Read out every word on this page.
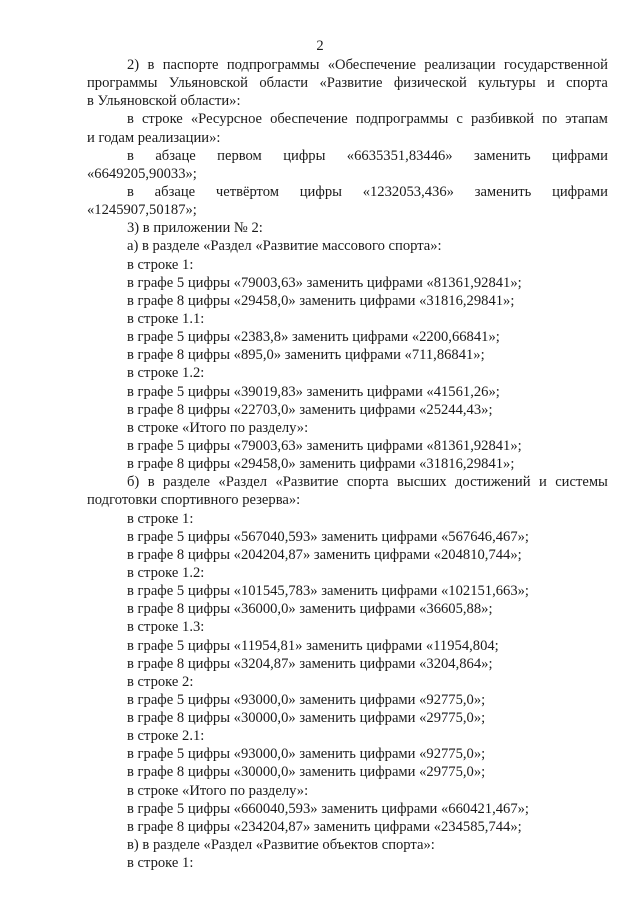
2
2) в паспорте подпрограммы «Обеспечение реализации государственной
программы Ульяновской области «Развитие физической культуры и спорта
в Ульяновской области»:
в строке «Ресурсное обеспечение подпрограммы с разбивкой по этапам
и годам реализации»:
в абзаце первом цифры «6635351,83446» заменить цифрами
«6649205,90033»;
в абзаце четвёртом цифры «1232053,436» заменить цифрами
«1245907,50187»;
3) в приложении № 2:
а) в разделе «Раздел «Развитие массового спорта»:
в строке 1:
в графе 5 цифры «79003,63» заменить цифрами «81361,92841»;
в графе 8 цифры «29458,0» заменить цифрами «31816,29841»;
в строке 1.1:
в графе 5 цифры «2383,8» заменить цифрами «2200,66841»;
в графе 8 цифры «895,0» заменить цифрами «711,86841»;
в строке 1.2:
в графе 5 цифры «39019,83» заменить цифрами «41561,26»;
в графе 8 цифры «22703,0» заменить цифрами «25244,43»;
в строке «Итого по разделу»:
в графе 5 цифры «79003,63» заменить цифрами «81361,92841»;
в графе 8 цифры «29458,0» заменить цифрами «31816,29841»;
б) в разделе «Раздел «Развитие спорта высших достижений и системы
подготовки спортивного резерва»:
в строке 1:
в графе 5 цифры «567040,593» заменить цифрами «567646,467»;
в графе 8 цифры «204204,87» заменить цифрами «204810,744»;
в строке 1.2:
в графе 5 цифры «101545,783» заменить цифрами «102151,663»;
в графе 8 цифры «36000,0» заменить цифрами «36605,88»;
в строке 1.3:
в графе 5 цифры «11954,81» заменить цифрами «11954,804;
в графе 8 цифры «3204,87» заменить цифрами «3204,864»;
в строке 2:
в графе 5 цифры «93000,0» заменить цифрами «92775,0»;
в графе 8 цифры «30000,0» заменить цифрами «29775,0»;
в строке 2.1:
в графе 5 цифры «93000,0» заменить цифрами «92775,0»;
в графе 8 цифры «30000,0» заменить цифрами «29775,0»;
в строке «Итого по разделу»:
в графе 5 цифры «660040,593» заменить цифрами «660421,467»;
в графе 8 цифры «234204,87» заменить цифрами «234585,744»;
в) в разделе «Раздел «Развитие объектов спорта»:
в строке 1:
